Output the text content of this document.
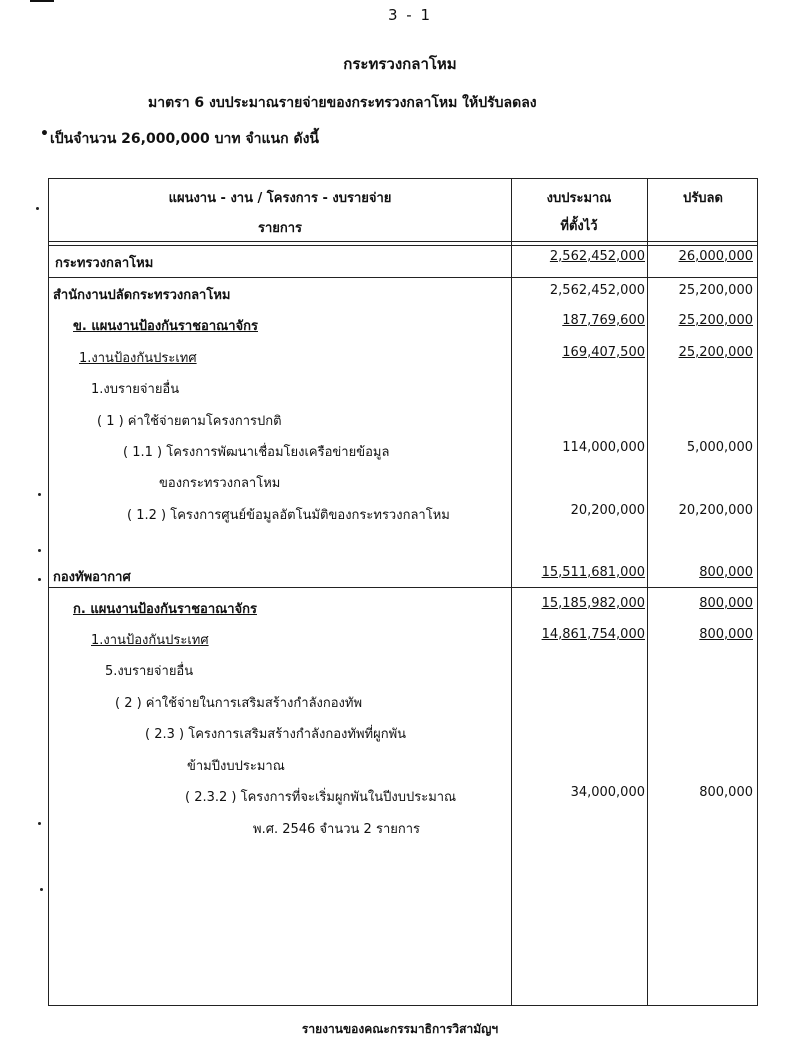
3 - 1
กระทรวงกลาโหม
มาตรา 6 งบประมาณรายจ่ายของกระทรวงกลาโหม ให้ปรับลดลง
• เป็นจำนวน 26,000,000 บาท จำแนก ดังนี้
แผนงาน - งาน / โครงการ - งบรายจ่าย
รายการ
งบประมาณ
ที่ตั้งไว้
ปรับลด
กระทรวงกลาโหม	2,562,452,000	26,000,000
สำนักงานปลัดกระทรวงกลาโหม	2,562,452,000	25,200,000
ข. แผนงานป้องกันราชอาณาจักร	187,769,600	25,200,000
1.งานป้องกันประเทศ	169,407,500	25,200,000
1.งบรายจ่ายอื่น
( 1 ) ค่าใช้จ่ายตามโครงการปกติ
( 1.1 ) โครงการพัฒนาเชื่อมโยงเครือข่ายข้อมูล	114,000,000	5,000,000
ของกระทรวงกลาโหม
( 1.2 ) โครงการศูนย์ข้อมูลอัตโนมัติของกระทรวงกลาโหม	20,200,000	20,200,000
กองทัพอากาศ	15,511,681,000	800,000
ก. แผนงานป้องกันราชอาณาจักร	15,185,982,000	800,000
1.งานป้องกันประเทศ	14,861,754,000	800,000
5.งบรายจ่ายอื่น
( 2 ) ค่าใช้จ่ายในการเสริมสร้างกำลังกองทัพ
( 2.3 ) โครงการเสริมสร้างกำลังกองทัพที่ผูกพัน
ข้ามปีงบประมาณ
( 2.3.2 ) โครงการที่จะเริ่มผูกพันในปีงบประมาณ	34,000,000	800,000
พ.ศ. 2546 จำนวน 2 รายการ
รายงานของคณะกรรมาธิการวิสามัญฯ
